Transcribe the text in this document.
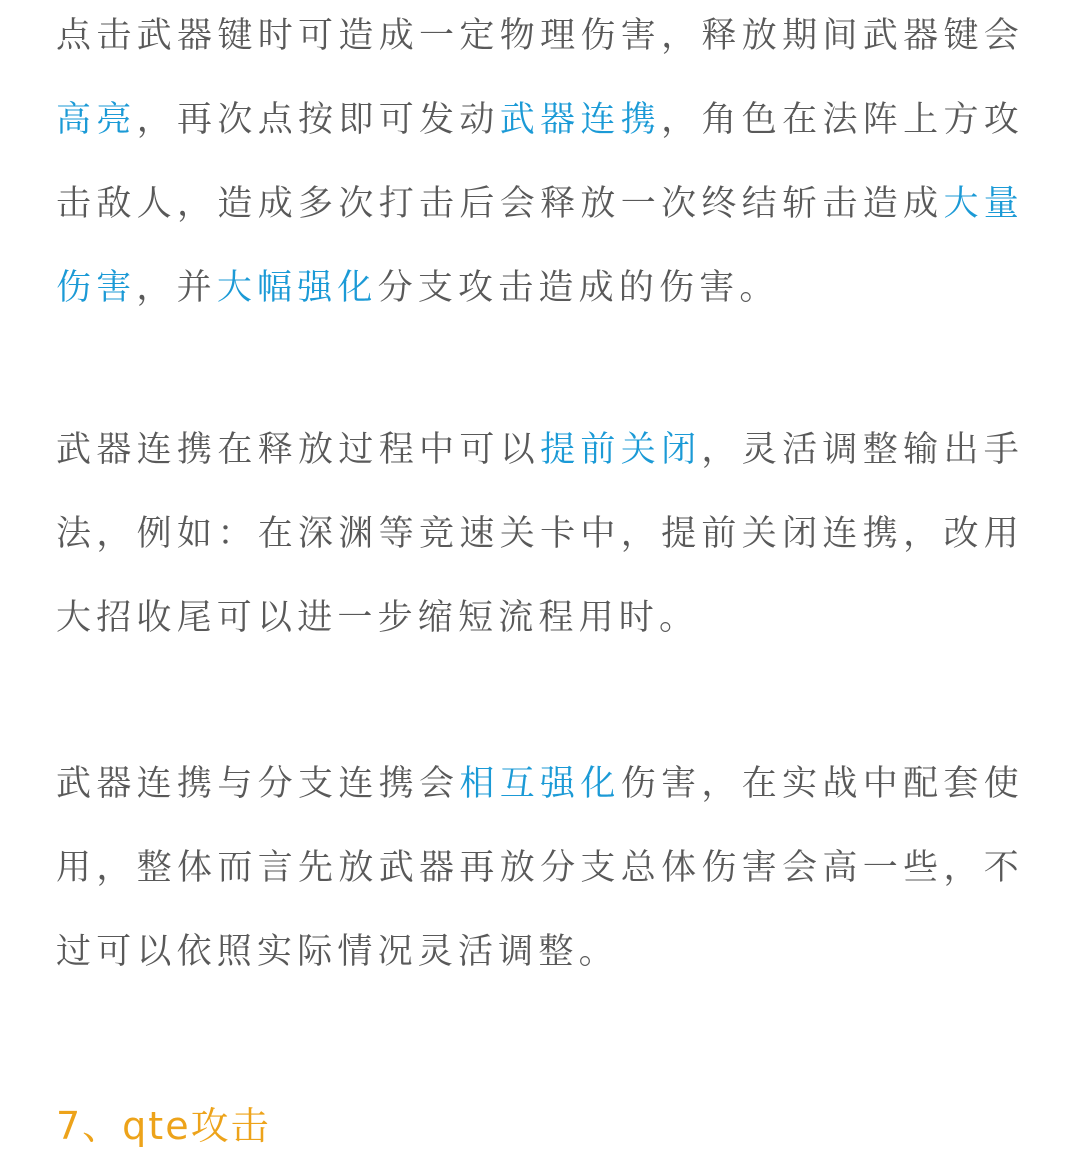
点击武器键时可造成一定物理伤害，释放期间武器键会高亮，再次点按即可发动武器连携，角色在法阵上方攻击敌人，造成多次打击后会释放一次终结斩击造成大量伤害，并大幅强化分支攻击造成的伤害。

武器连携在释放过程中可以提前关闭，灵活调整输出手法，例如：在深渊等竞速关卡中，提前关闭连携，改用大招收尾可以进一步缩短流程用时。

武器连携与分支连携会相互强化伤害，在实战中配套使用，整体而言先放武器再放分支总体伤害会高一些，不过可以依照实际情况灵活调整。

7、qte攻击
